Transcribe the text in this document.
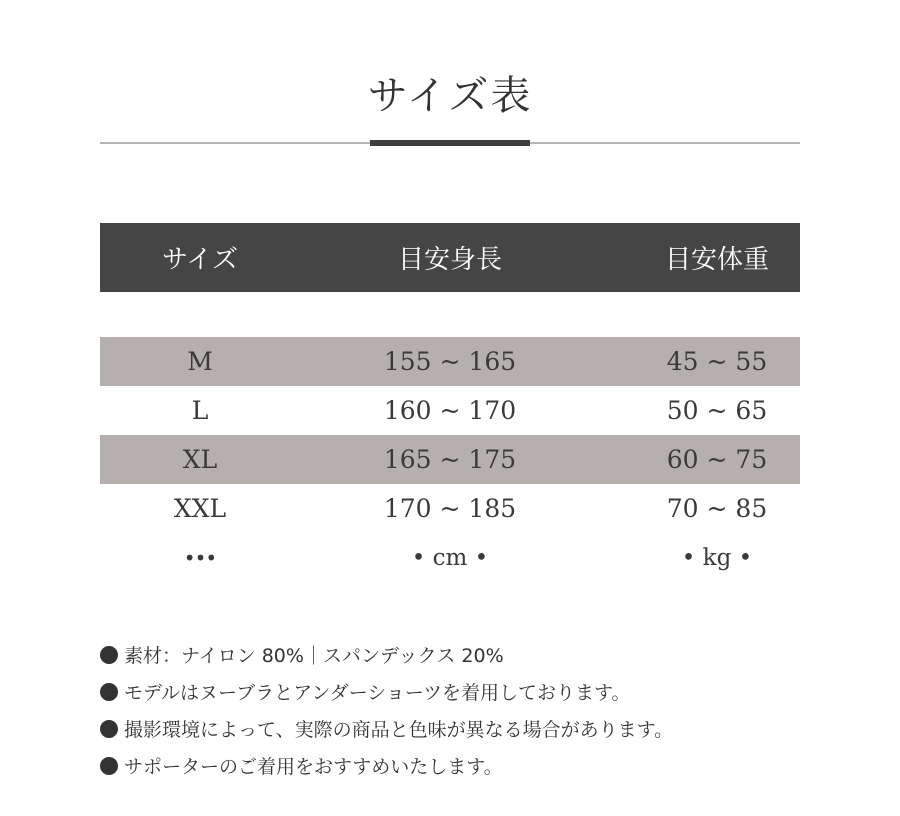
サイズ表
サイズ	目安身長	目安体重
M	155 ~ 165	45 ~ 55
L	160 ~ 170	50 ~ 65
XL	165 ~ 175	60 ~ 75
XXL	170 ~ 185	70 ~ 85
•••	• cm •	• kg •
素材：ナイロン 80%｜スパンデックス 20%
モデルはヌーブラとアンダーショーツを着用しております。
撮影環境によって、実際の商品と色味が異なる場合があります。
サポーターのご着用をおすすめいたします。
